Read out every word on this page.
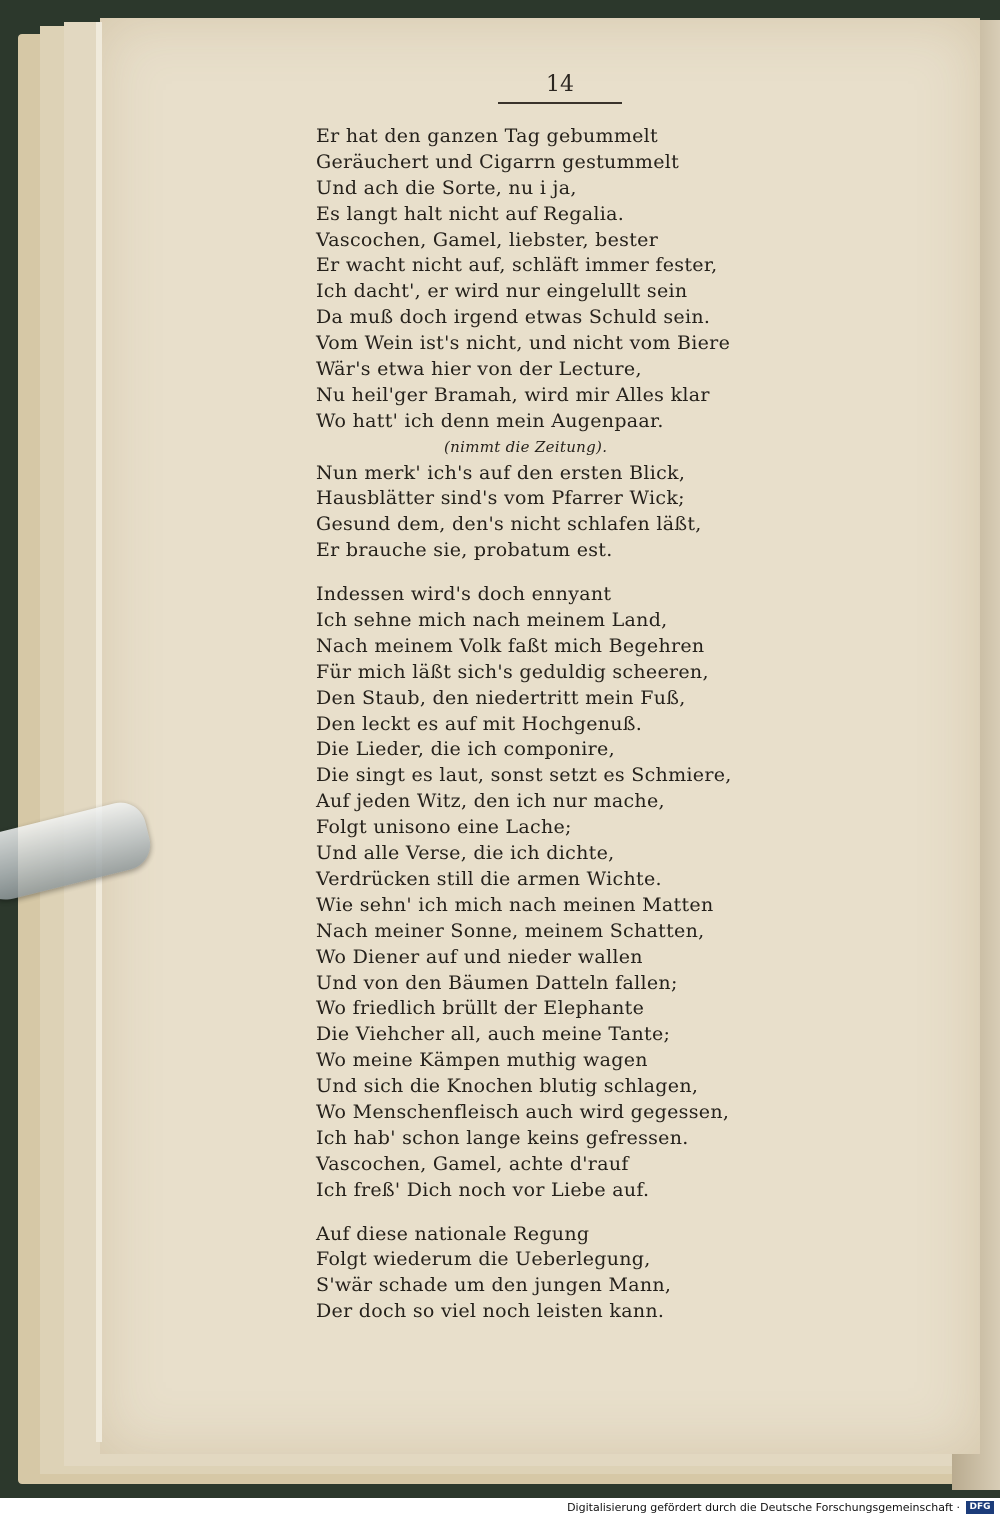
14
Er hat den ganzen Tag gebummelt
Geräuchert und Cigarrn gestummelt
Und ach die Sorte, nu i ja,
Es langt halt nicht auf Regalia.
Vascochen, Gamel, liebster, bester
Er wacht nicht auf, schläft immer fester,
Ich dacht', er wird nur eingelullt sein
Da muß doch irgend etwas Schuld sein.
Vom Wein ist's nicht, und nicht vom Biere
Wär's etwa hier von der Lecture,
Nu heil'ger Bramah, wird mir Alles klar
Wo hatt' ich denn mein Augenpaar.
(nimmt die Zeitung).
Nun merk' ich's auf den ersten Blick,
Hausblätter sind's vom Pfarrer Wick;
Gesund dem, den's nicht schlafen läßt,
Er brauche sie, probatum est.
Indessen wird's doch ennyant
Ich sehne mich nach meinem Land,
Nach meinem Volk faßt mich Begehren
Für mich läßt sich's geduldig scheeren,
Den Staub, den niedertritt mein Fuß,
Den leckt es auf mit Hochgenuß.
Die Lieder, die ich componire,
Die singt es laut, sonst setzt es Schmiere,
Auf jeden Witz, den ich nur mache,
Folgt unisono eine Lache;
Und alle Verse, die ich dichte,
Verdrücken still die armen Wichte.
Wie sehn' ich mich nach meinen Matten
Nach meiner Sonne, meinem Schatten,
Wo Diener auf und nieder wallen
Und von den Bäumen Datteln fallen;
Wo friedlich brüllt der Elephante
Die Viehcher all, auch meine Tante;
Wo meine Kämpen muthig wagen
Und sich die Knochen blutig schlagen,
Wo Menschenfleisch auch wird gegessen,
Ich hab' schon lange keins gefressen.
Vascochen, Gamel, achte d'rauf
Ich freß' Dich noch vor Liebe auf.
Auf diese nationale Regung
Folgt wiederum die Ueberlegung,
S'wär schade um den jungen Mann,
Der doch so viel noch leisten kann.
Digitalisierung gefördert durch die Deutsche Forschungsgemeinschaft ·	DFG
